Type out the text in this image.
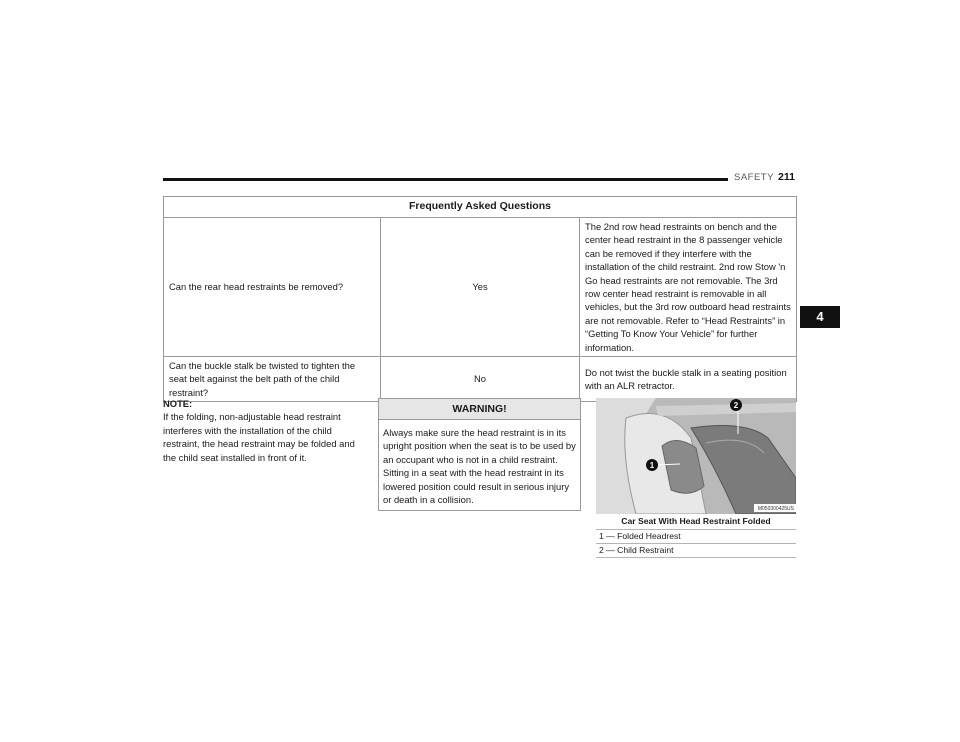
SAFETY 211
4
Frequently Asked Questions		
Can the rear head restraints be removed?	Yes	The 2nd row head restraints on bench and the center head restraint in the 8 passenger vehicle can be removed if they interfere with the installation of the child restraint. 2nd row Stow 'n Go head restraints are not removable. The 3rd row center head restraint is removable in all vehicles, but the 3rd row outboard head restraints are not removable. Refer to “Head Restraints” in “Getting To Know Your Vehicle” for further information.
Can the buckle stalk be twisted to tighten the seat belt against the belt path of the child restraint?	No	Do not twist the buckle stalk in a seating position with an ALR retractor.
NOTE:
If the folding, non-adjustable head restraint interferes with the installation of the child restraint, the head restraint may be folded and the child seat installed in front of it.
WARNING!
Always make sure the head restraint is in its upright position when the seat is to be used by an occupant who is not in a child restraint. Sitting in a seat with the head restraint in its lowered position could result in serious injury or death in a collision.
2
1
M050300425US
Car Seat With Head Restraint Folded
1 — Folded Headrest
2 — Child Restraint
